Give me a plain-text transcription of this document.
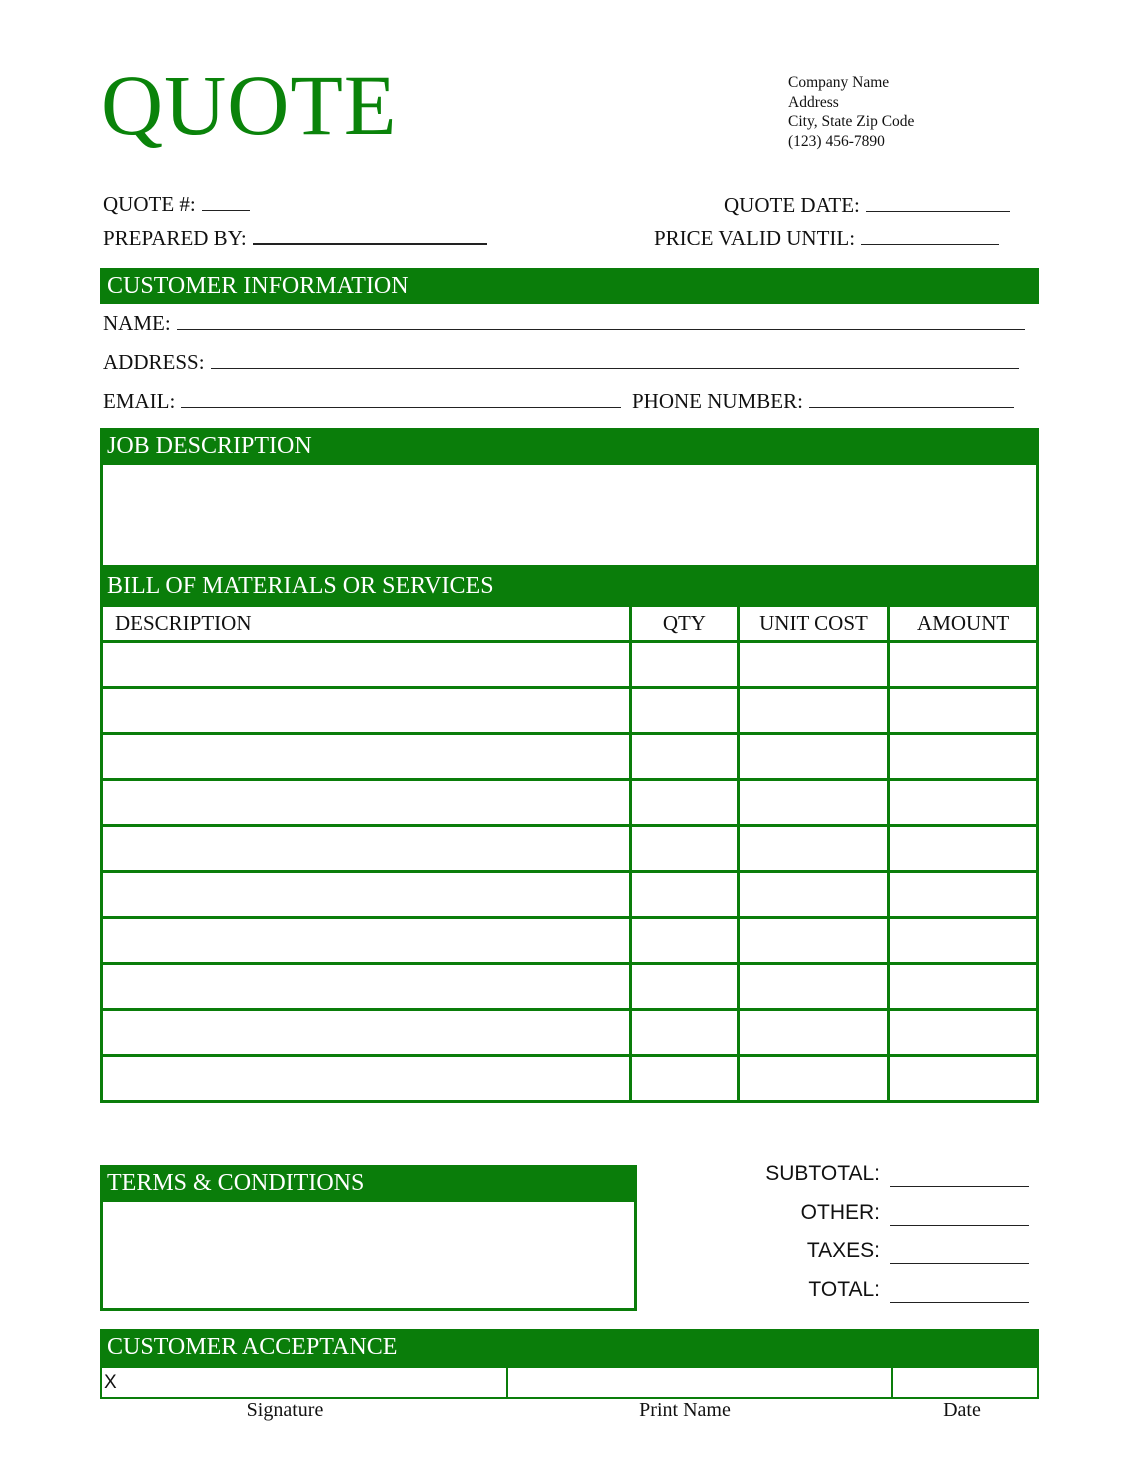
QUOTE	Company Name
Address
City, State Zip Code
(123) 456-7890
QUOTE #:
PREPARED BY:
QUOTE DATE:
PRICE VALID UNTIL:
CUSTOMER INFORMATION
NAME:
ADDRESS:
EMAIL:	PHONE NUMBER:
JOB DESCRIPTION
BILL OF MATERIALS OR SERVICES
DESCRIPTION	QTY	UNIT COST	AMOUNT

TERMS & CONDITIONS	SUBTOTAL:
OTHER:
TAXES:
TOTAL:
CUSTOMER ACCEPTANCE
X
Signature	Print Name	Date
